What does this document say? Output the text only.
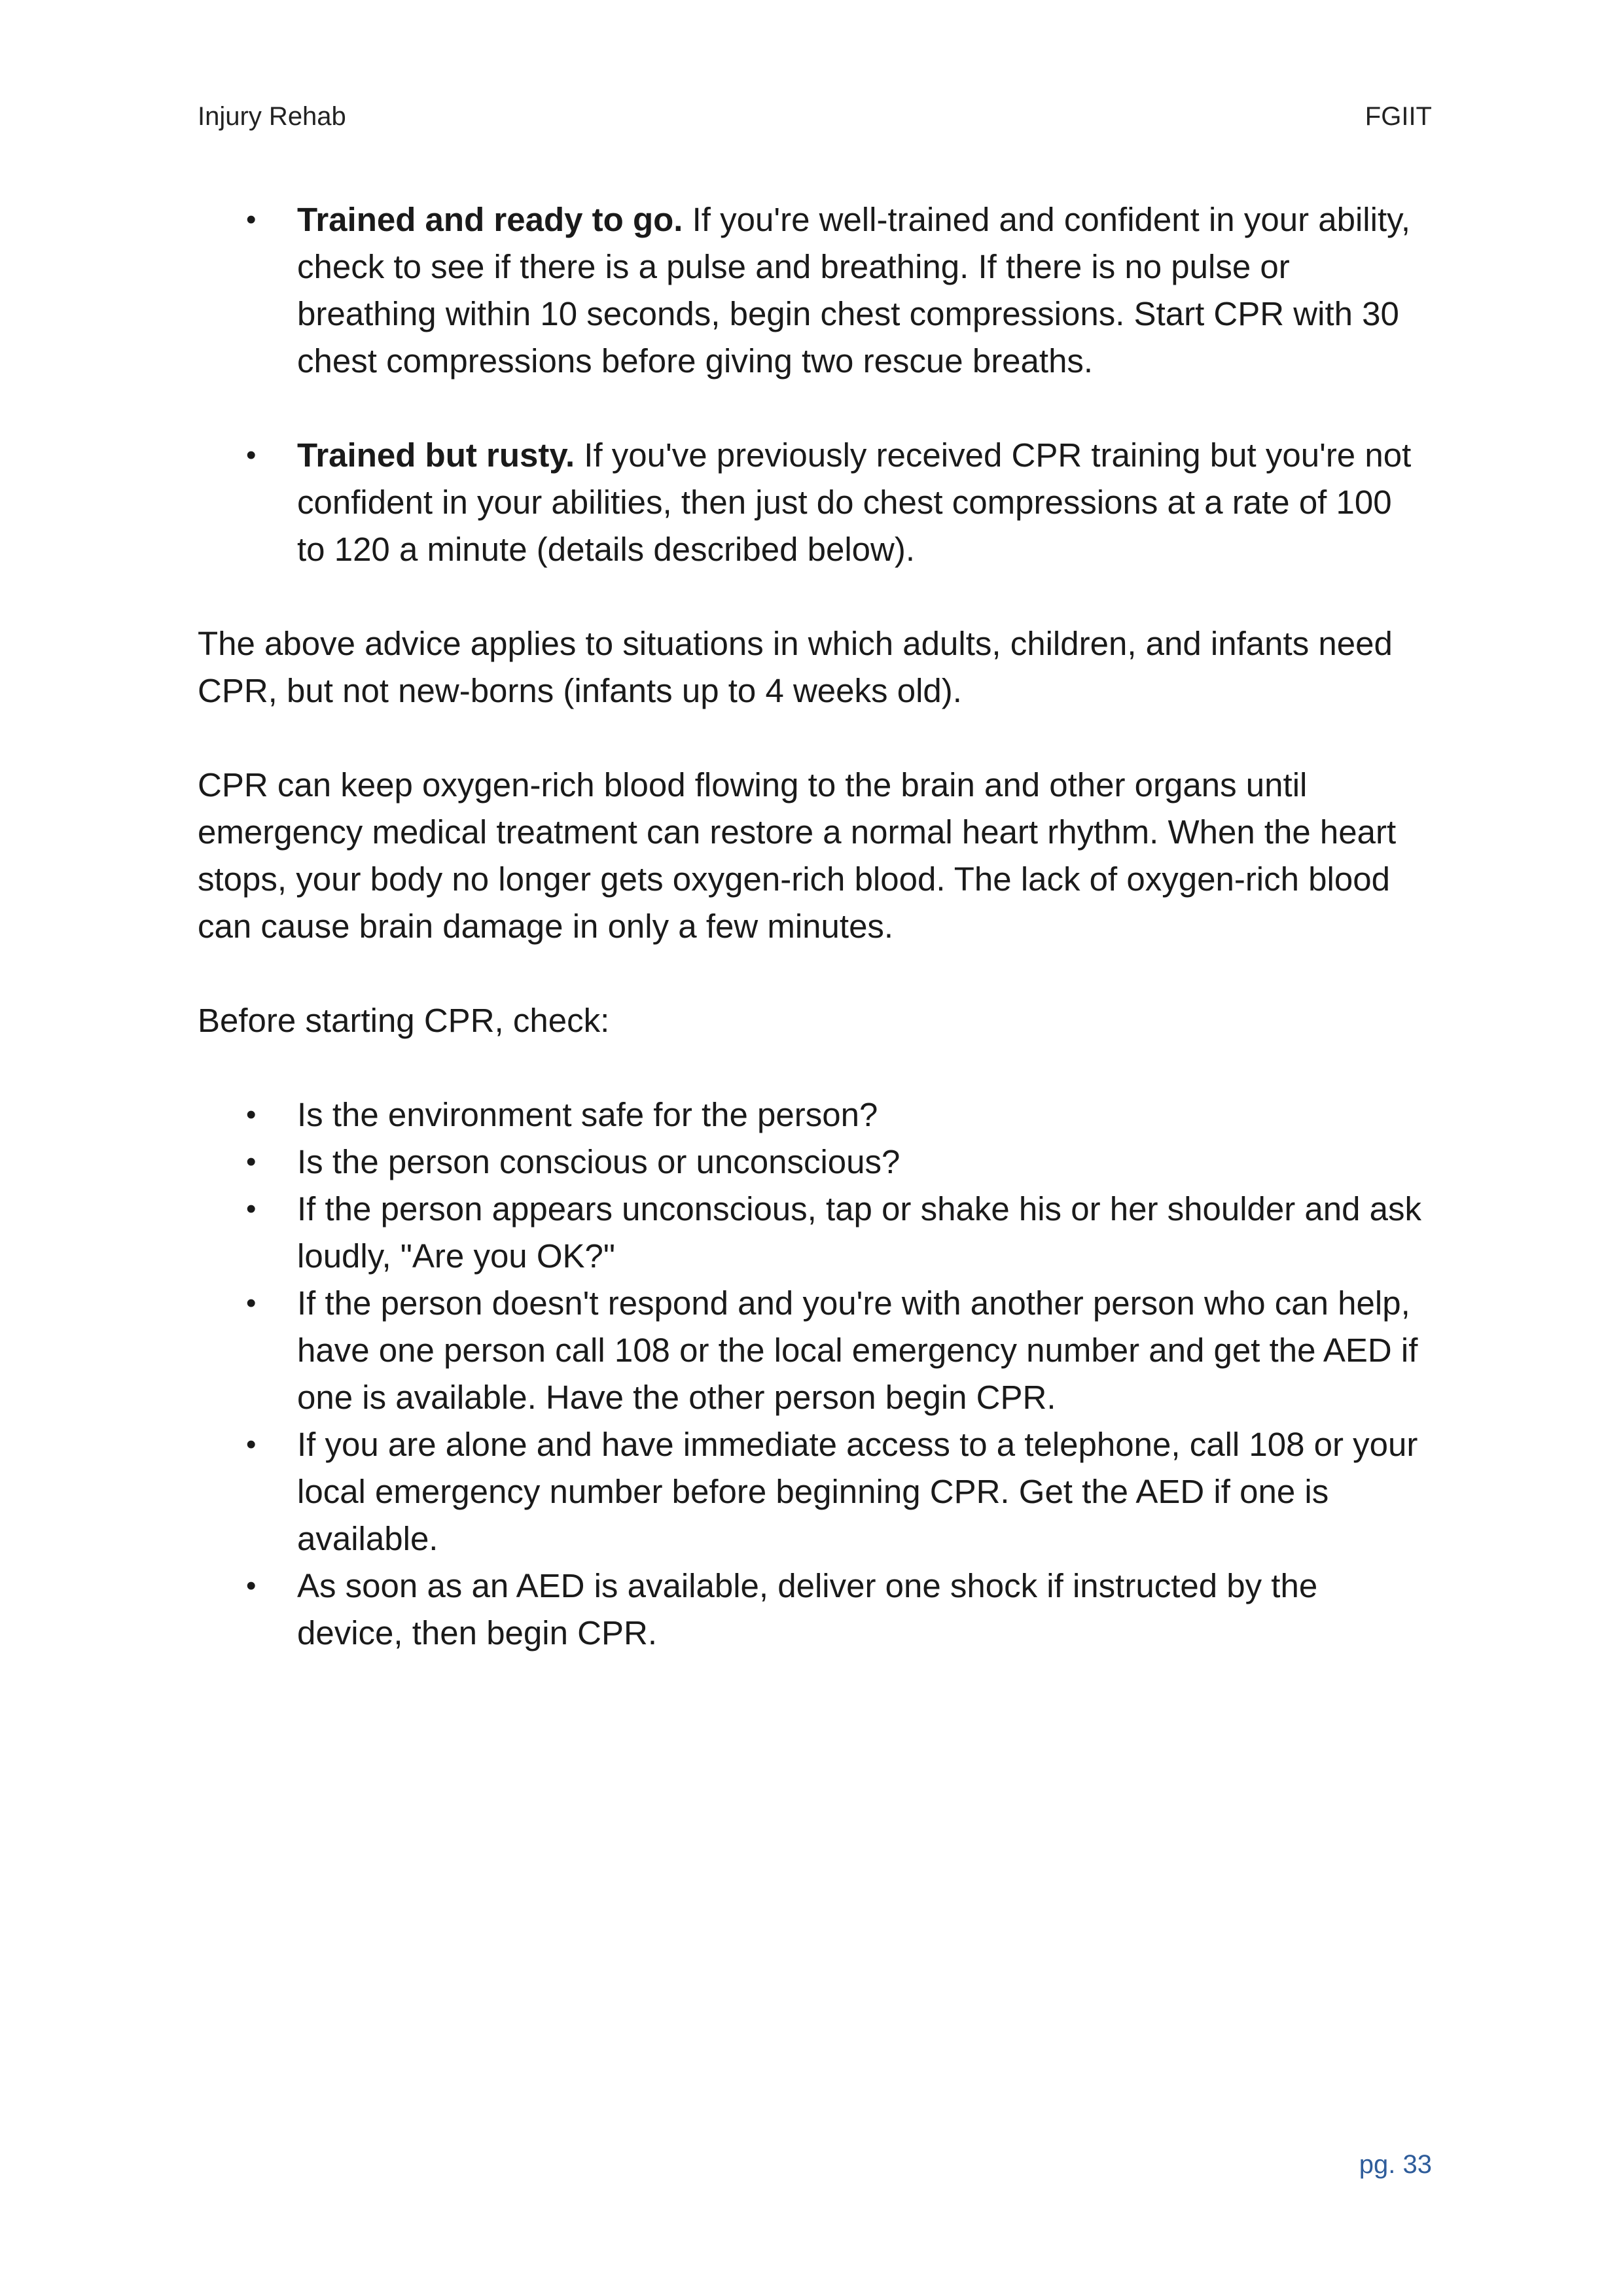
Injury Rehab	FGIIT
• Trained and ready to go. If you're well-trained and confident in your ability, check to see if there is a pulse and breathing. If there is no pulse or breathing within 10 seconds, begin chest compressions. Start CPR with 30 chest compressions before giving two rescue breaths.
• Trained but rusty. If you've previously received CPR training but you're not confident in your abilities, then just do chest compressions at a rate of 100 to 120 a minute (details described below).

The above advice applies to situations in which adults, children, and infants need CPR, but not new-borns (infants up to 4 weeks old).

CPR can keep oxygen-rich blood flowing to the brain and other organs until emergency medical treatment can restore a normal heart rhythm. When the heart stops, your body no longer gets oxygen-rich blood. The lack of oxygen-rich blood can cause brain damage in only a few minutes.

Before starting CPR, check:

• Is the environment safe for the person?
• Is the person conscious or unconscious?
• If the person appears unconscious, tap or shake his or her shoulder and ask loudly, "Are you OK?"
• If the person doesn't respond and you're with another person who can help, have one person call 108 or the local emergency number and get the AED if one is available. Have the other person begin CPR.
• If you are alone and have immediate access to a telephone, call 108 or your local emergency number before beginning CPR. Get the AED if one is available.
• As soon as an AED is available, deliver one shock if instructed by the device, then begin CPR.
pg. 33
